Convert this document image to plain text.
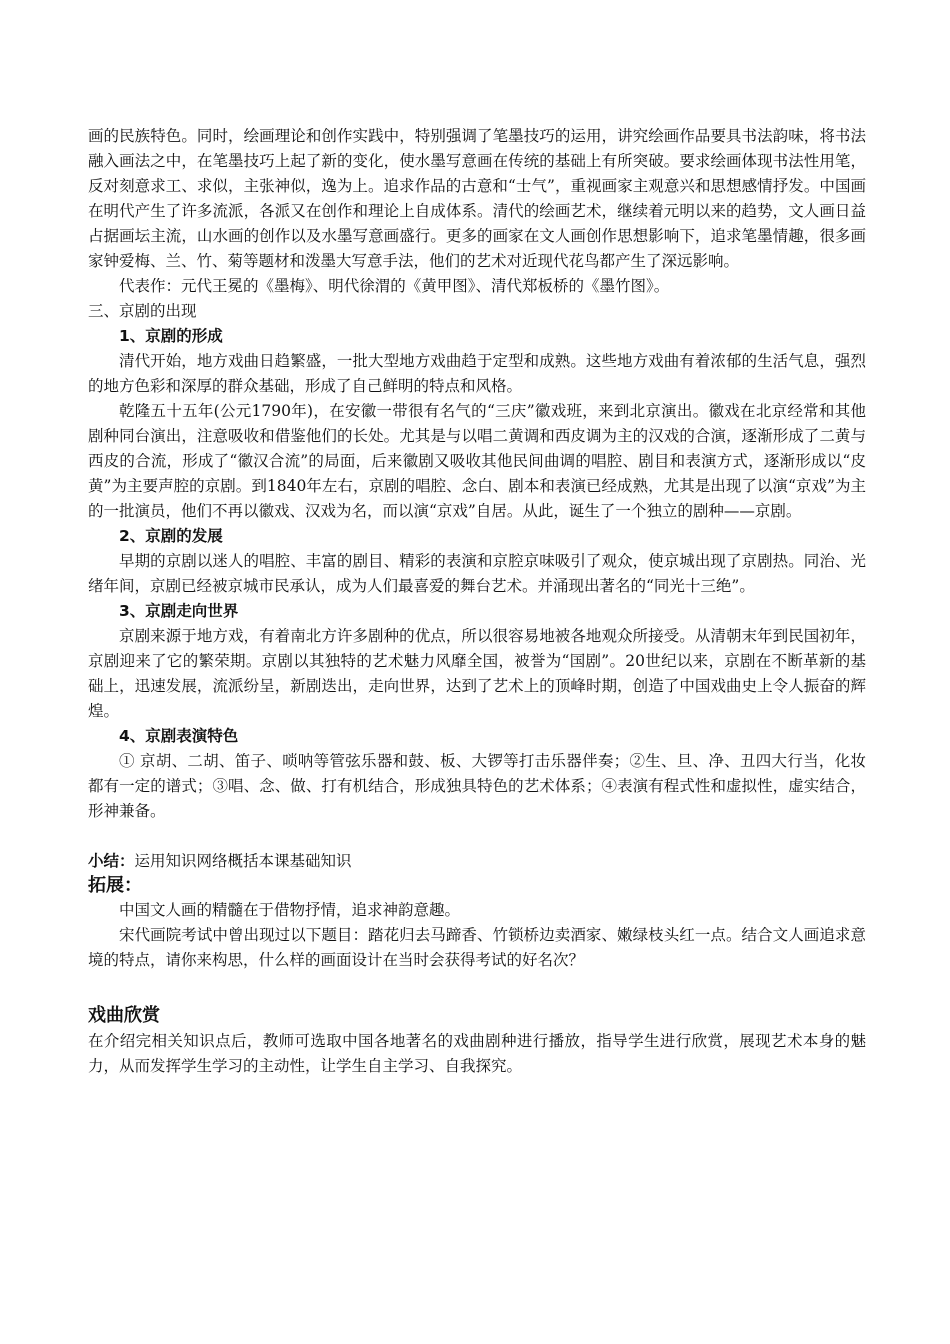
画的民族特色。同时，绘画理论和创作实践中，特别强调了笔墨技巧的运用，讲究绘画作品要具书法韵味，将书法融入画法之中，在笔墨技巧上起了新的变化，使水墨写意画在传统的基础上有所突破。要求绘画体现书法性用笔，反对刻意求工、求似，主张神似，逸为上。追求作品的古意和“士气”，重视画家主观意兴和思想感情抒发。中国画在明代产生了许多流派，各派又在创作和理论上自成体系。清代的绘画艺术，继续着元明以来的趋势，文人画日益占据画坛主流，山水画的创作以及水墨写意画盛行。更多的画家在文人画创作思想影响下，追求笔墨情趣，很多画家钟爱梅、兰、竹、菊等题材和泼墨大写意手法，他们的艺术对近现代花鸟都产生了深远影响。

代表作：元代王冕的《墨梅》、明代徐渭的《黄甲图》、清代郑板桥的《墨竹图》。

三、京剧的出现

1、京剧的形成

清代开始，地方戏曲日趋繁盛，一批大型地方戏曲趋于定型和成熟。这些地方戏曲有着浓郁的生活气息，强烈的地方色彩和深厚的群众基础，形成了自己鲜明的特点和风格。

乾隆五十五年(公元1790年)，在安徽一带很有名气的“三庆”徽戏班，来到北京演出。徽戏在北京经常和其他剧种同台演出，注意吸收和借鉴他们的长处。尤其是与以唱二黄调和西皮调为主的汉戏的合演，逐渐形成了二黄与西皮的合流，形成了“徽汉合流”的局面，后来徽剧又吸收其他民间曲调的唱腔、剧目和表演方式，逐渐形成以“皮黄”为主要声腔的京剧。到1840年左右，京剧的唱腔、念白、剧本和表演已经成熟，尤其是出现了以演“京戏”为主的一批演员，他们不再以徽戏、汉戏为名，而以演“京戏”自居。从此，诞生了一个独立的剧种——京剧。

2、京剧的发展

早期的京剧以迷人的唱腔、丰富的剧目、精彩的表演和京腔京味吸引了观众，使京城出现了京剧热。同治、光绪年间，京剧已经被京城市民承认，成为人们最喜爱的舞台艺术。并涌现出著名的“同光十三绝”。

3、京剧走向世界

京剧来源于地方戏，有着南北方许多剧种的优点，所以很容易地被各地观众所接受。从清朝末年到民国初年，京剧迎来了它的繁荣期。京剧以其独特的艺术魅力风靡全国，被誉为“国剧”。20世纪以来，京剧在不断革新的基础上，迅速发展，流派纷呈，新剧迭出，走向世界，达到了艺术上的顶峰时期，创造了中国戏曲史上令人振奋的辉煌。

4、京剧表演特色

① 京胡、二胡、笛子、唢呐等管弦乐器和鼓、板、大锣等打击乐器伴奏；②生、旦、净、丑四大行当，化妆都有一定的谱式；③唱、念、做、打有机结合，形成独具特色的艺术体系；④表演有程式性和虚拟性，虚实结合，形神兼备。

小结：运用知识网络概括本课基础知识

拓展：

中国文人画的精髓在于借物抒情，追求神韵意趣。

宋代画院考试中曾出现过以下题目：踏花归去马蹄香、竹锁桥边卖酒家、嫩绿枝头红一点。结合文人画追求意境的特点，请你来构思，什么样的画面设计在当时会获得考试的好名次？

戏曲欣赏

在介绍完相关知识点后，教师可选取中国各地著名的戏曲剧种进行播放，指导学生进行欣赏，展现艺术本身的魅力，从而发挥学生学习的主动性，让学生自主学习、自我探究。
